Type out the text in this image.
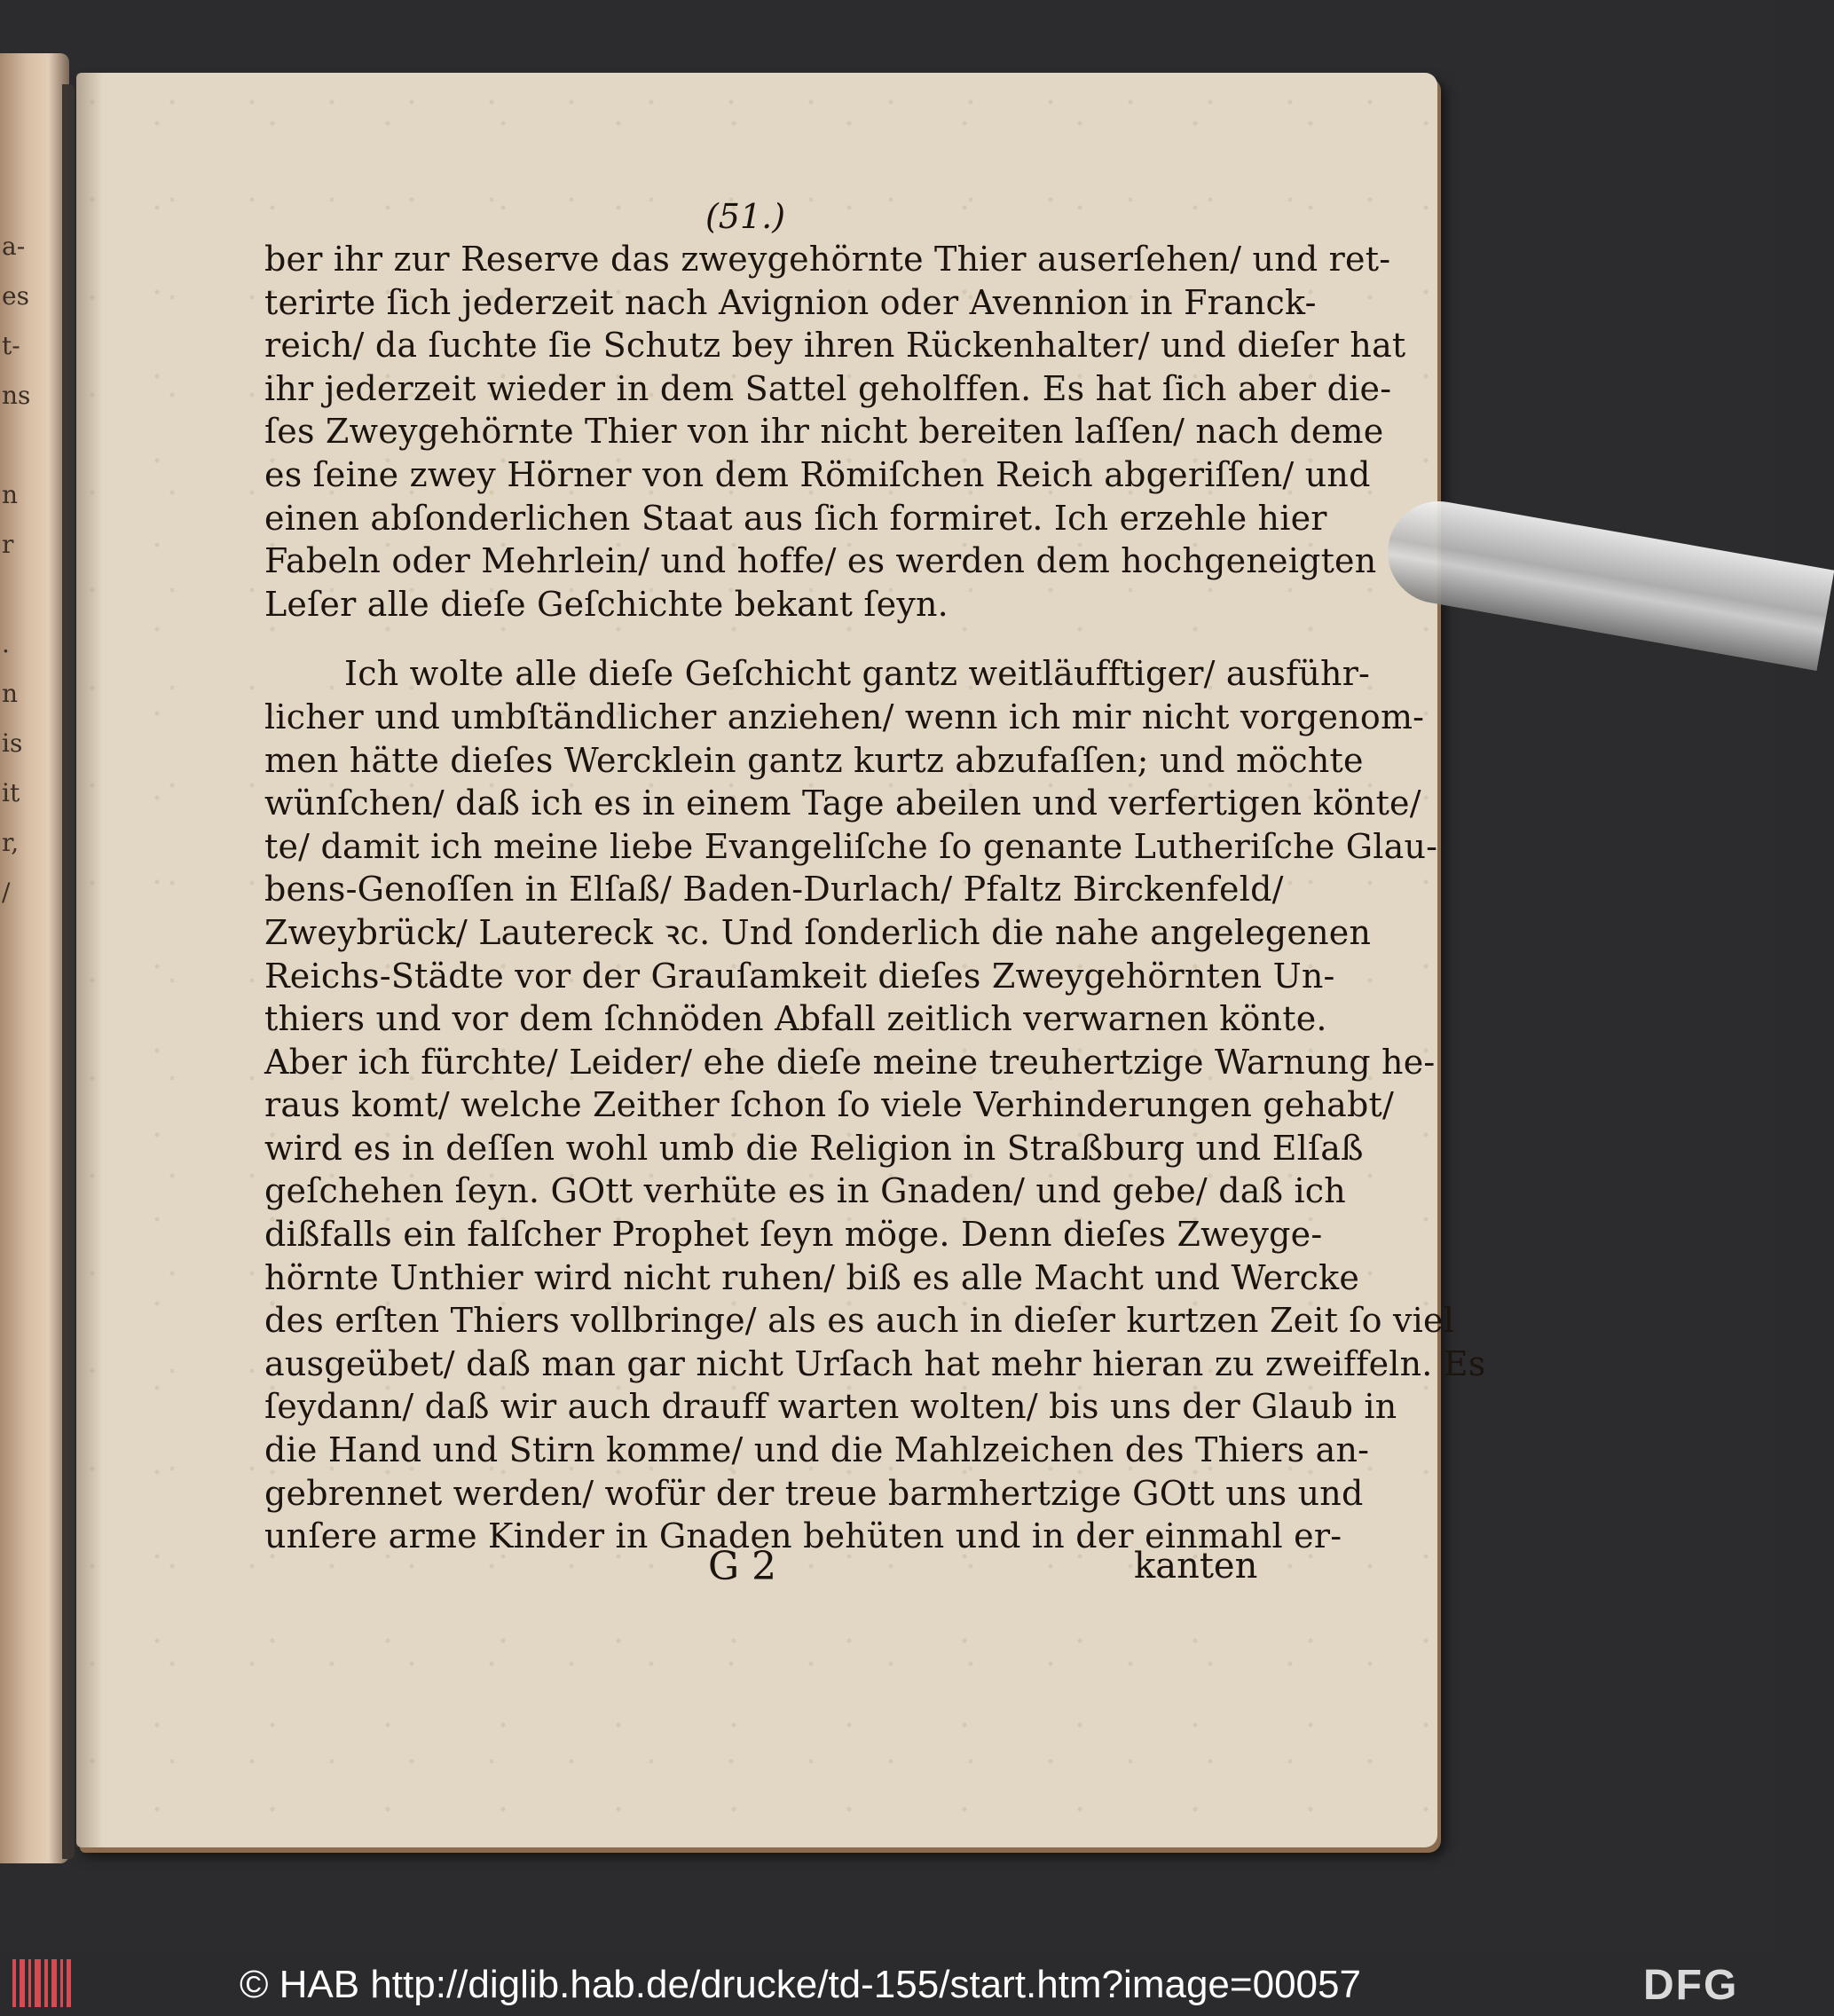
a-
es
t-
ns

n
r

.
n
is
it
r,
/
(51.)
ber ihr zur Reserve das zweygehörnte Thier auserſehen/ und ret-
terirte ſich jederzeit nach Avignion oder Avennion in Franck-
reich/ da ſuchte ſie Schutz bey ihren Rückenhalter/ und dieſer hat
ihr jederzeit wieder in dem Sattel geholffen. Es hat ſich aber die-
ſes Zweygehörnte Thier von ihr nicht bereiten laſſen/ nach deme
es ſeine zwey Hörner von dem Römiſchen Reich abgeriſſen/ und
einen abſonderlichen Staat aus ſich formiret. Ich erzehle hier
Fabeln oder Mehrlein/ und hoffe/ es werden dem hochgeneigten
Leſer alle dieſe Geſchichte bekant ſeyn.
Ich wolte alle dieſe Geſchicht gantz weitläufftiger/ ausführ-
licher und umbſtändlicher anziehen/ wenn ich mir nicht vorgenom-
men hätte dieſes Wercklein gantz kurtz abzufaſſen; und möchte
wünſchen/ daß ich es in einem Tage abeilen und verfertigen könte/
te/ damit ich meine liebe Evangeliſche ſo genante Lutheriſche Glau-
bens-Genoſſen in Elſaß/ Baden-Durlach/ Pfaltz Birckenfeld/
Zweybrück/ Lautereck ꝛc. Und ſonderlich die nahe angelegenen
Reichs-Städte vor der Grauſamkeit dieſes Zweygehörnten Un-
thiers und vor dem ſchnöden Abfall zeitlich verwarnen könte.
Aber ich fürchte/ Leider/ ehe dieſe meine treuhertzige Warnung he-
raus komt/ welche Zeither ſchon ſo viele Verhinderungen gehabt/
wird es in deſſen wohl umb die Religion in Straßburg und Elſaß
geſchehen ſeyn. GOtt verhüte es in Gnaden/ und gebe/ daß ich
dißfalls ein falſcher Prophet ſeyn möge. Denn dieſes Zweyge-
hörnte Unthier wird nicht ruhen/ biß es alle Macht und Wercke
des erſten Thiers vollbringe/ als es auch in dieſer kurtzen Zeit ſo viel
ausgeübet/ daß man gar nicht Urſach hat mehr hieran zu zweiffeln. Es
ſeydann/ daß wir auch drauff warten wolten/ bis uns der Glaub in
die Hand und Stirn komme/ und die Mahlzeichen des Thiers an-
gebrennet werden/ wofür der treue barmhertzige GOtt uns und
unſere arme Kinder in Gnaden behüten und in der einmahl er-
G 2	kanten
© HAB http://diglib.hab.de/drucke/td-155/start.htm?image=00057	DFG
